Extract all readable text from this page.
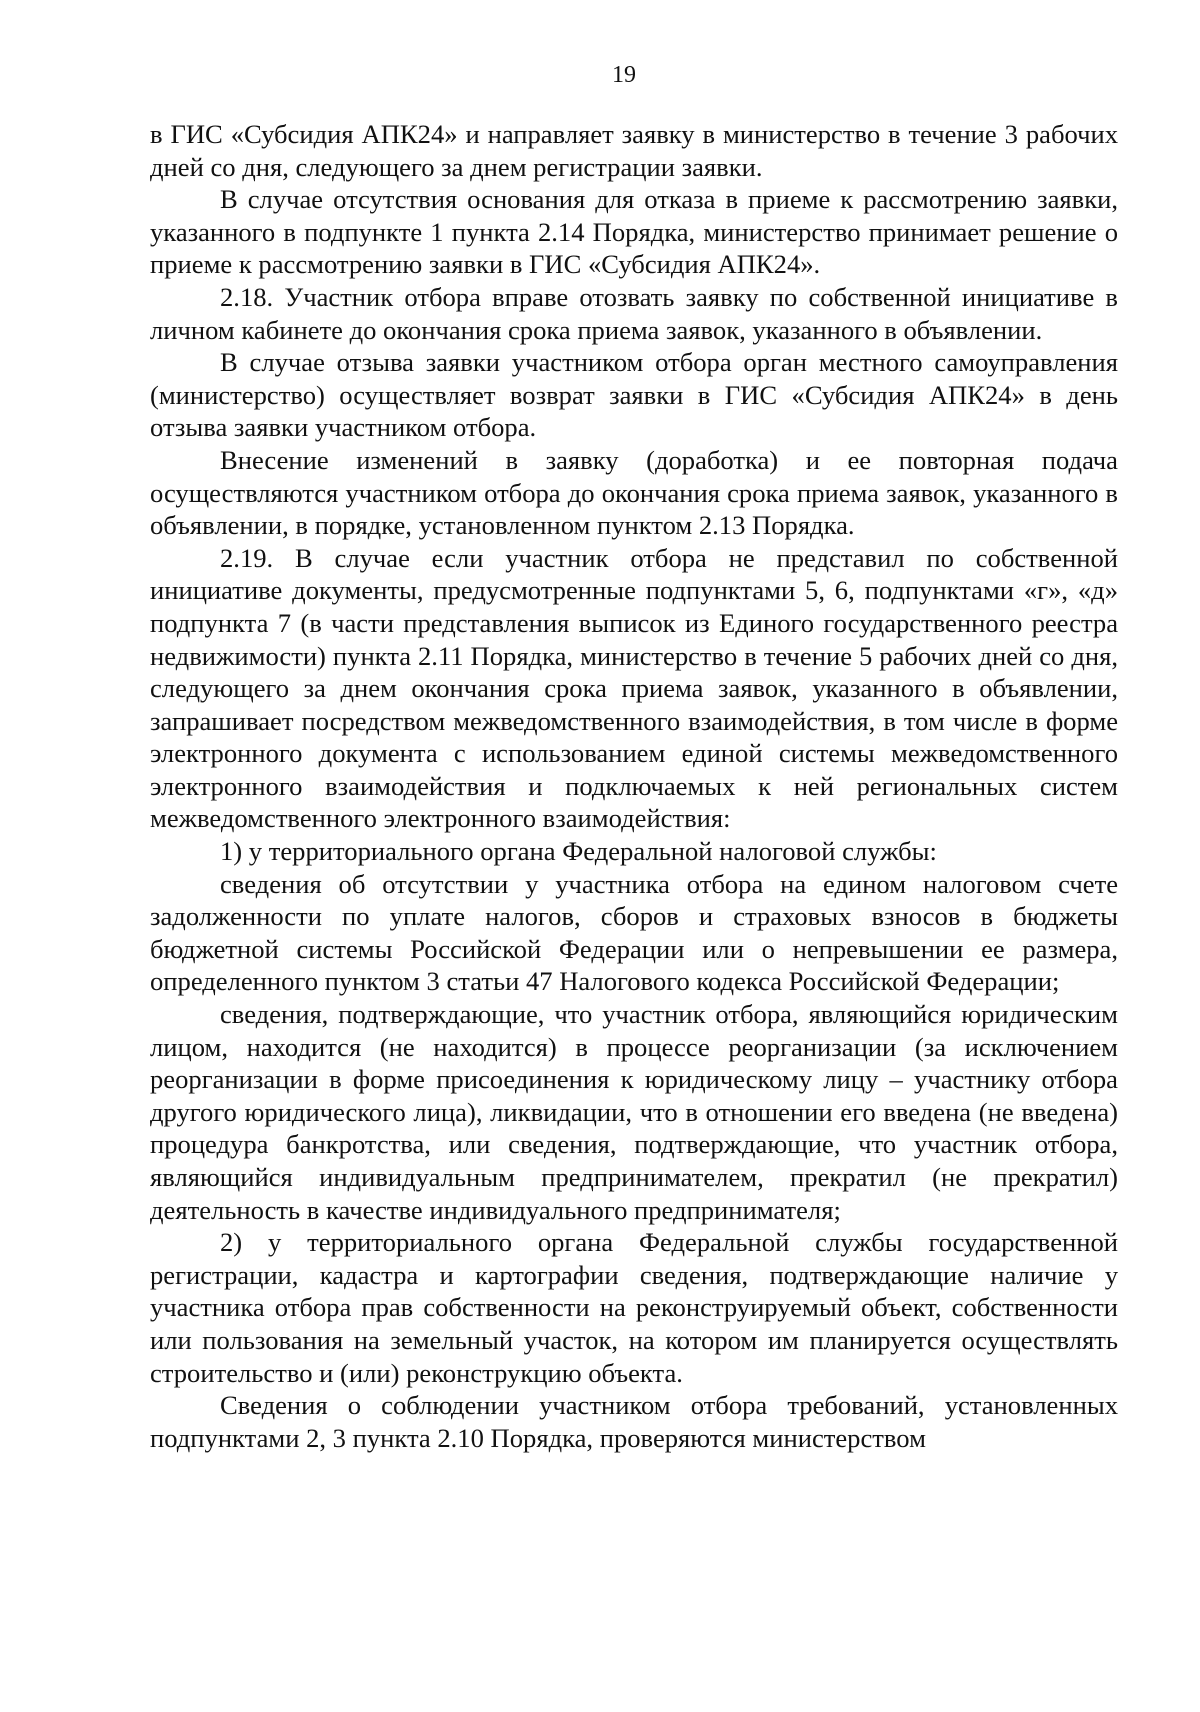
19

в ГИС «Субсидия АПК24» и направляет заявку в министерство в течение 3 рабочих дней со дня, следующего за днем регистрации заявки.

В случае отсутствия основания для отказа в приеме к рассмотрению заявки, указанного в подпункте 1 пункта 2.14 Порядка, министерство принимает решение о приеме к рассмотрению заявки в ГИС «Субсидия АПК24».

2.18. Участник отбора вправе отозвать заявку по собственной инициативе в личном кабинете до окончания срока приема заявок, указанного в объявлении.

В случае отзыва заявки участником отбора орган местного самоуправления (министерство) осуществляет возврат заявки в ГИС «Субсидия АПК24» в день отзыва заявки участником отбора.

Внесение изменений в заявку (доработка) и ее повторная подача осуществляются участником отбора до окончания срока приема заявок, указанного в объявлении, в порядке, установленном пунктом 2.13 Порядка.

2.19. В случае если участник отбора не представил по собственной инициативе документы, предусмотренные подпунктами 5, 6, подпунктами «г», «д» подпункта 7 (в части представления выписок из Единого государственного реестра недвижимости) пункта 2.11 Порядка, министерство в течение 5 рабочих дней со дня, следующего за днем окончания срока приема заявок, указанного в объявлении, запрашивает посредством межведомственного взаимодействия, в том числе в форме электронного документа с использованием единой системы межведомственного электронного взаимодействия и подключаемых к ней региональных систем межведомственного электронного взаимодействия:

1) у территориального органа Федеральной налоговой службы:

сведения об отсутствии у участника отбора на едином налоговом счете задолженности по уплате налогов, сборов и страховых взносов в бюджеты бюджетной системы Российской Федерации или о непревышении ее размера, определенного пунктом 3 статьи 47 Налогового кодекса Российской Федерации;

сведения, подтверждающие, что участник отбора, являющийся юридическим лицом, находится (не находится) в процессе реорганизации (за исключением реорганизации в форме присоединения к юридическому лицу – участнику отбора другого юридического лица), ликвидации, что в отношении его введена (не введена) процедура банкротства, или сведения, подтверждающие, что участник отбора, являющийся индивидуальным предпринимателем, прекратил (не прекратил) деятельность в качестве индивидуального предпринимателя;

2) у территориального органа Федеральной службы государственной регистрации, кадастра и картографии сведения, подтверждающие наличие у участника отбора прав собственности на реконструируемый объект, собственности или пользования на земельный участок, на котором им планируется осуществлять строительство и (или) реконструкцию объекта.

Сведения о соблюдении участником отбора требований, установленных подпунктами 2, 3 пункта 2.10 Порядка, проверяются министерством
